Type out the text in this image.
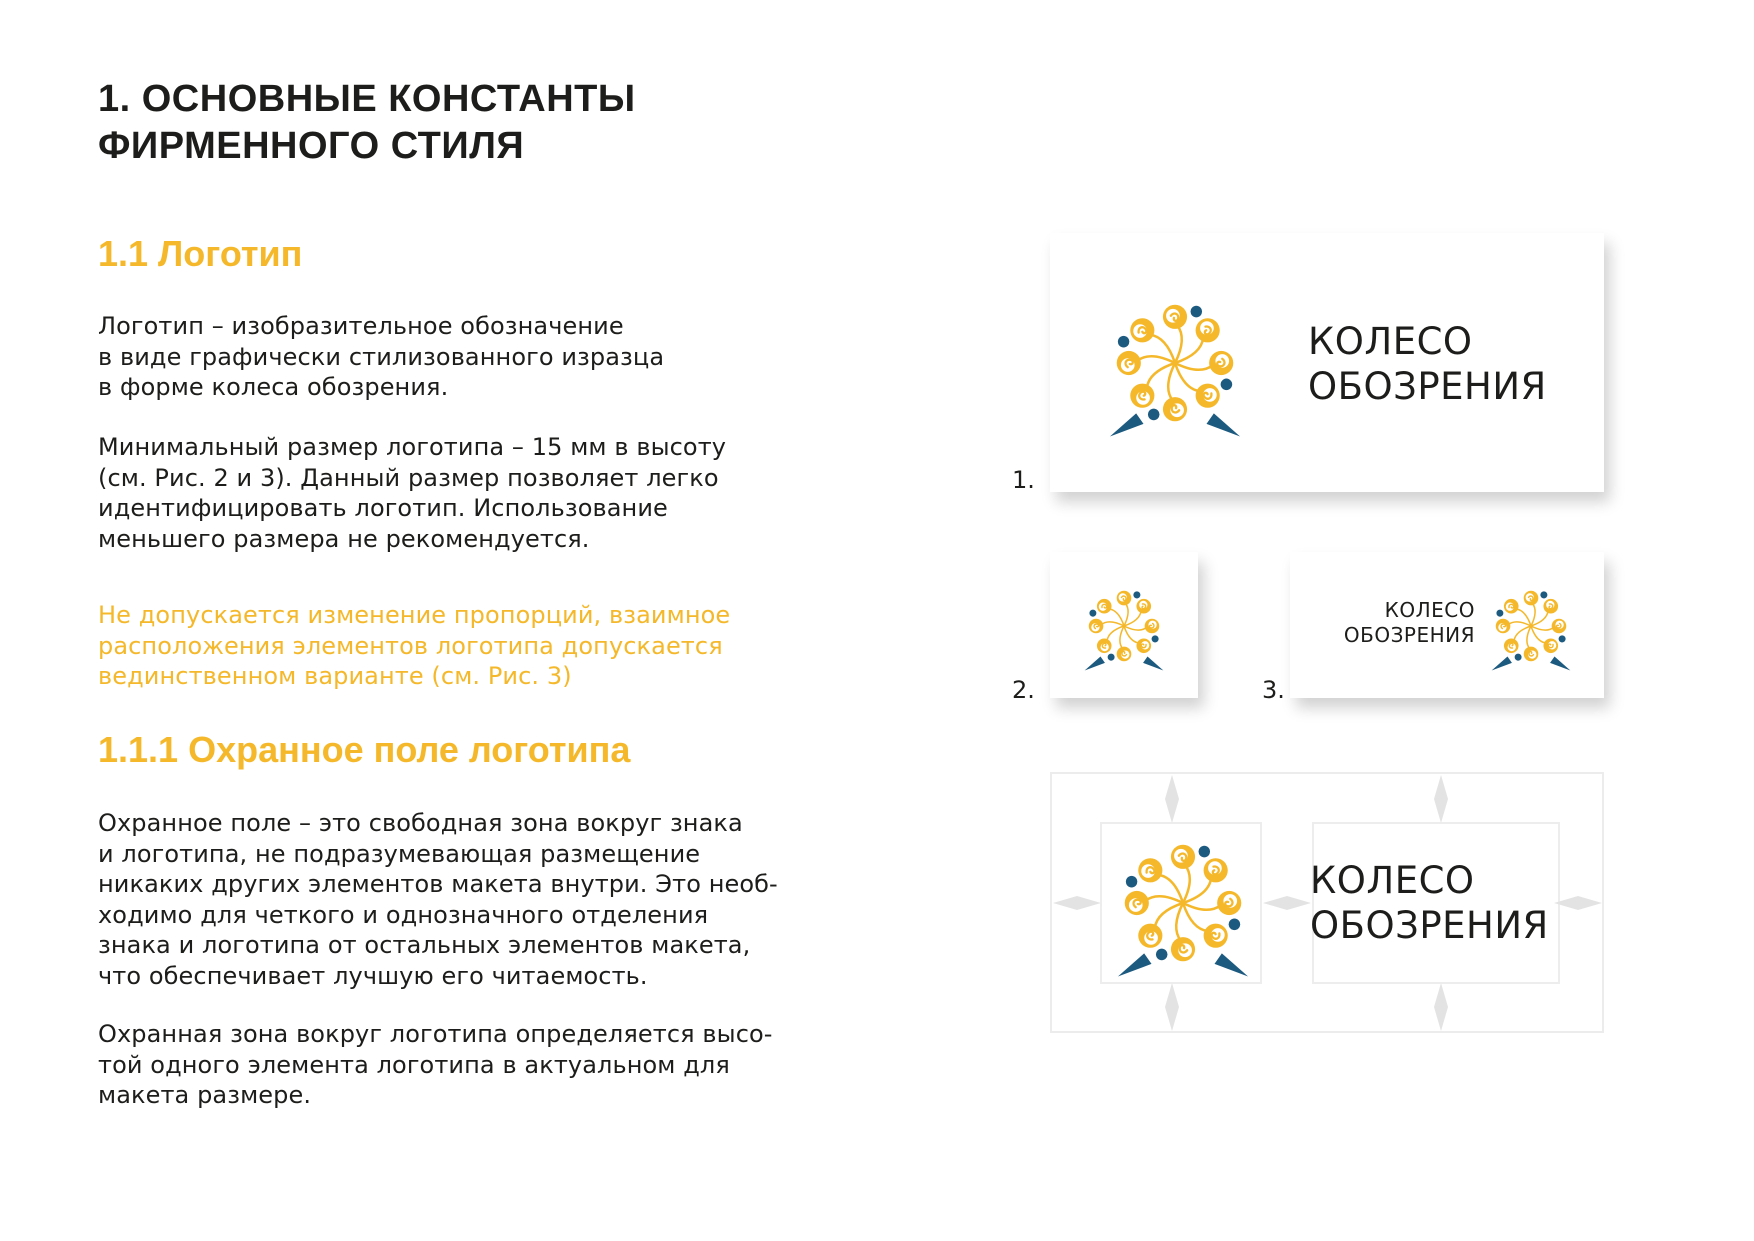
1. ОСНОВНЫЕ КОНСТАНТЫ
ФИРМЕННОГО СТИЛЯ
1.1 Логотип
Логотип – изобразительное обозначение
в виде графически стилизованного изразца
в форме колеса обозрения.
Минимальный размер логотипа – 15 мм в высоту
(см. Рис. 2 и 3). Данный размер позволяет легко
идентифицировать логотип. Использование
меньшего размера не рекомендуется.
Не допускается изменение пропорций, взаимное
расположения элементов логотипа допускается
вединственном варианте (см. Рис. 3)
1.1.1 Охранное поле логотипа
Охранное поле – это свободная зона вокруг знака
и логотипа, не подразумевающая размещение
никаких других элементов макета внутри. Это необ-
ходимо для четкого и однозначного отделения
знака и логотипа от остальных элементов макета,
что обеспечивает лучшую его читаемость.
Охранная зона вокруг логотипа определяется высо-
той одного элемента логотипа в актуальном для
макета размере.
1.
КОЛЕСО
ОБОЗРЕНИЯ
2.	3.
КОЛЕСО
ОБОЗРЕНИЯ
КОЛЕСО
ОБОЗРЕНИЯ
